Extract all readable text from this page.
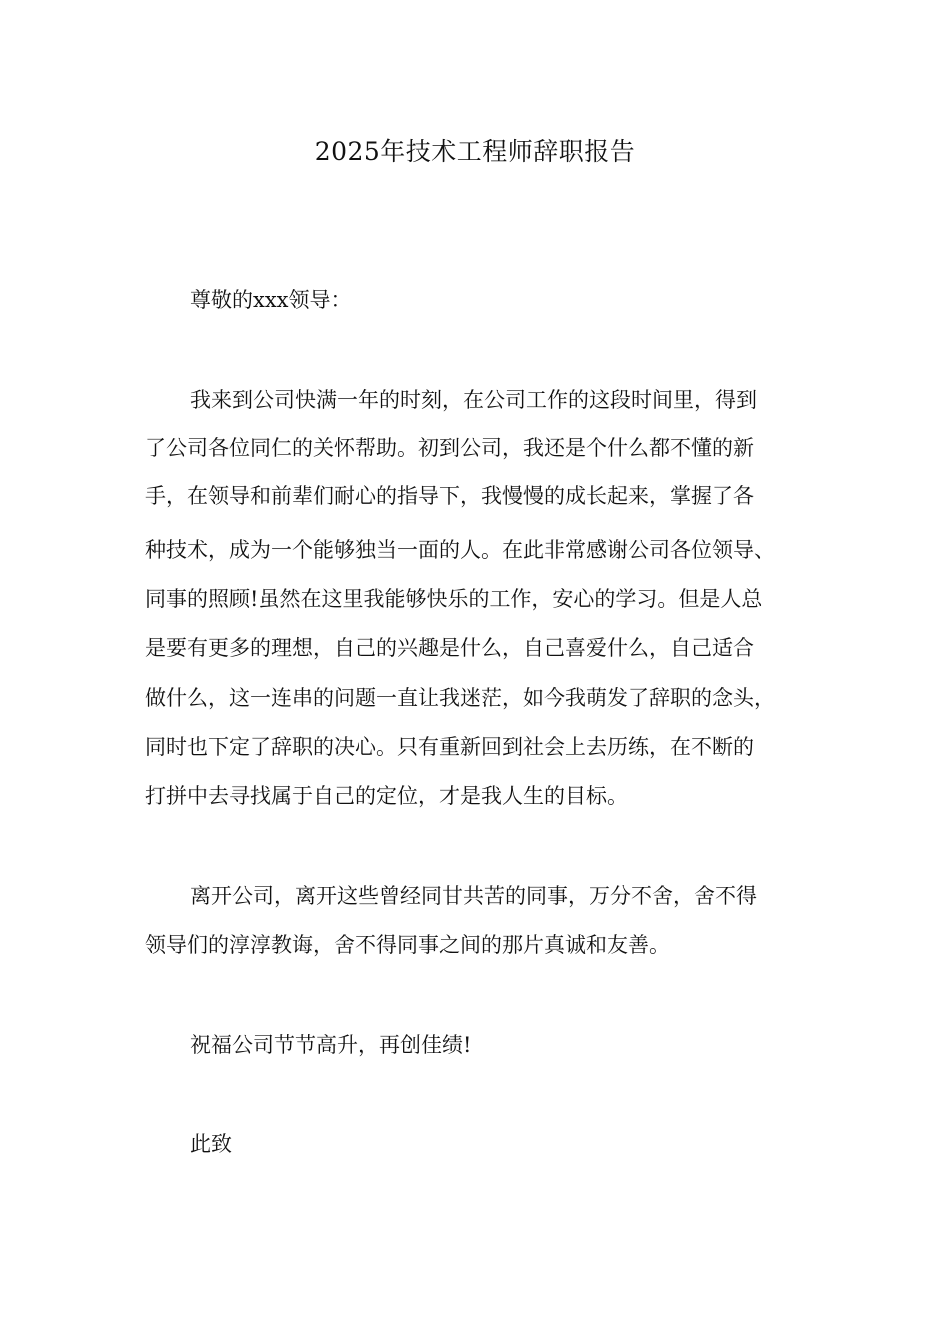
2025年技术工程师辞职报告
尊敬的xxx领导：
我来到公司快满一年的时刻，在公司工作的这段时间里，得到
了公司各位同仁的关怀帮助。初到公司，我还是个什么都不懂的新
手，在领导和前辈们耐心的指导下，我慢慢的成长起来，掌握了各
种技术，成为一个能够独当一面的人。在此非常感谢公司各位领导、
同事的照顾!虽然在这里我能够快乐的工作，安心的学习。但是人总
是要有更多的理想，自己的兴趣是什么，自己喜爱什么，自己适合
做什么，这一连串的问题一直让我迷茫，如今我萌发了辞职的念头，
同时也下定了辞职的决心。只有重新回到社会上去历练，在不断的
打拼中去寻找属于自己的定位，才是我人生的目标。
离开公司，离开这些曾经同甘共苦的同事，万分不舍，舍不得
领导们的淳淳教诲，舍不得同事之间的那片真诚和友善。
祝福公司节节高升，再创佳绩!
此致
